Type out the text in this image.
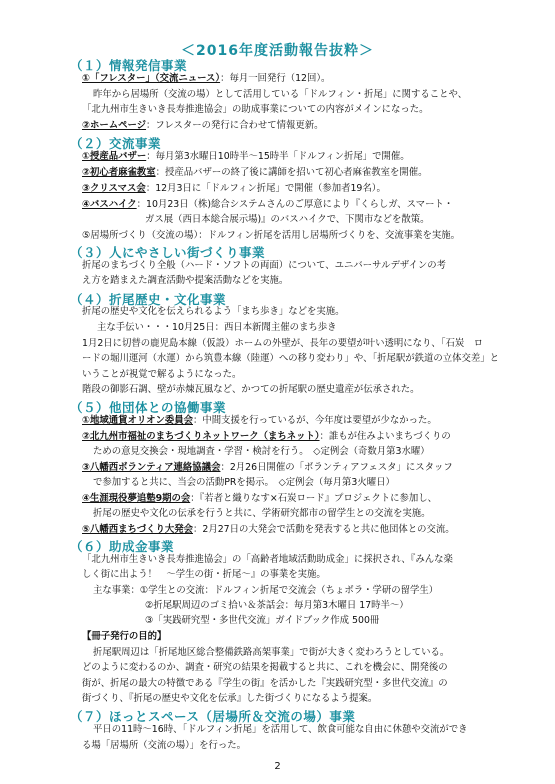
＜2016年度活動報告抜粋＞
（１）情報発信事業
①「フレスター」（交流ニュース）：毎月一回発行（12回）。
昨年から居場所（交流の場）として活用している「ドルフィン・折尾」に関することや、
「北九州市生きいき長寿推進協会」の助成事業についての内容がメインになった。
②ホームページ：フレスターの発行に合わせて情報更新。
（２）交流事業
①授産品バザー：毎月第3水曜日10時半〜15時半「ドルフィン折尾」で開催。
②初心者麻雀教室：授産品バザーの終了後に講師を招いて初心者麻雀教室を開催。
③クリスマス会：12月3日に「ドルフィン折尾」で開催（参加者19名）。
④バスハイク：10月23日（株)総合システムさんのご厚意により『くらしガ、スマート・
ガス展（西日本総合展示場)』のバスハイクで、下関市などを散策。
⑤居場所づくり（交流の場）：ドルフィン折尾を活用し居場所づくりを、交流事業を実施。
（３）人にやさしい街づくり事業
折尾のまちづくり全般（ハード・ソフトの両面）について、ユニバーサルデザインの考
え方を踏まえた調査活動や提案活動などを実施。
（４）折尾歴史・文化事業
折尾の歴史や文化を伝えられるよう「まち歩き」などを実施。
主な手伝い・・・10月25日：西日本新聞主催のまち歩き
1月2日に切替の鹿児島本線（仮設）ホームの外壁が、長年の要望が叶い透明になり、「石炭　ロ
ードの堀川運河（水運）から筑豊本線（陸運）への移り変わり」や、「折尾駅が鉄道の立体交差」と
いうことが視覚で解るようになった。
階段の御影石調、壁が赤煉瓦風など、かつての折尾駅の歴史遺産が伝承された。
（５）他団体との協働事業
①地域通貨オリオン委員会：中間支援を行っているが、今年度は要望が少なかった。
②北九州市福祉のまちづくりネットワーク（まちネット）：誰もが住みよいまちづくりの
ための意見交換会・現地調査・学習・検討を行う。　◇定例会（奇数月第3水曜）
③八幡西ボランティア連絡協議会：2月26日開催の「ボランティアフェスタ」にスタッフ
で参加すると共に、当会の活動PRを掲示。　◇定例会（毎月第3火曜日）
④生涯現役夢追塾9期の会：『若者と織りなす×石炭ロード』プロジェクトに参加し、
折尾の歴史や文化の伝承を行うと共に、学術研究都市の留学生との交流を実施。
⑤八幡西まちづくり大発会：2月27日の大発会で活動を発表すると共に他団体との交流。
（６）助成金事業
「北九州市生きいき長寿推進協会」の「高齢者地域活動助成金」に採択され、『みんな楽
しく街に出よう！　〜学生の街・折尾〜』の事業を実施。
主な事業：①学生との交流：ドルフィン折尾で交流会（ちょボラ・学研の留学生）
②折尾駅周辺のゴミ拾い＆茶話会：毎月第3木曜日 17時半〜）
③「実践研究型・多世代交流」ガイドブック作成 500冊
【冊子発行の目的】
折尾駅周辺は「折尾地区総合整備鉄路高架事業」で街が大きく変わろうとしている。
どのように変わるのか、調査・研究の結果を掲載すると共に、これを機会に、開発後の
街が、折尾の最大の特徴である『学生の街』を活かした『実践研究型・多世代交流』の
街づくり、『折尾の歴史や文化を伝承』した街づくりになるよう提案。
（７）ほっとスペース（居場所＆交流の場）事業
平日の11時〜16時、「ドルフィン折尾」を活用して、飲食可能な自由に休憩や交流ができ
る場「居場所（交流の場）」を行った。
2
